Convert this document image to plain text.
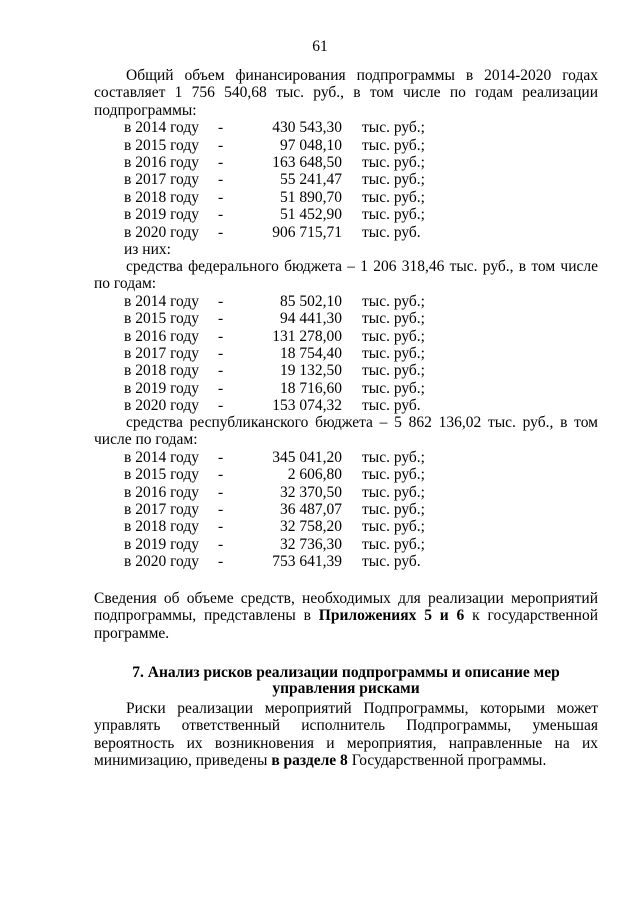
61

Общий объем финансирования подпрограммы в 2014-2020 годах составляет 1 756 540,68 тыс. руб., в том числе по годам реализации подпрограммы:

в 2014 году -	430 543,30 тыс. руб.;
в 2015 году -	97 048,10 тыс. руб.;
в 2016 году -	163 648,50 тыс. руб.;
в 2017 году -	55 241,47 тыс. руб.;
в 2018 году -	51 890,70 тыс. руб.;
в 2019 году -	51 452,90 тыс. руб.;
в 2020 году -	906 715,71 тыс. руб.
из них:

средства федерального бюджета – 1 206 318,46 тыс. руб., в том числе по годам:

в 2014 году -	85 502,10 тыс. руб.;
в 2015 году -	94 441,30 тыс. руб.;
в 2016 году -	131 278,00 тыс. руб.;
в 2017 году -	18 754,40 тыс. руб.;
в 2018 году -	19 132,50 тыс. руб.;
в 2019 году -	18 716,60 тыс. руб.;
в 2020 году -	153 074,32 тыс. руб.

средства республиканского бюджета – 5 862 136,02 тыс. руб., в том числе по годам:

в 2014 году -	345 041,20 тыс. руб.;
в 2015 году -	2 606,80 тыс. руб.;
в 2016 году -	32 370,50 тыс. руб.;
в 2017 году -	36 487,07 тыс. руб.;
в 2018 году -	32 758,20 тыс. руб.;
в 2019 году -	32 736,30 тыс. руб.;
в 2020 году -	753 641,39 тыс. руб.

Сведения об объеме средств, необходимых для реализации мероприятий подпрограммы, представлены в Приложениях 5 и 6 к государственной программе.

7. Анализ рисков реализации подпрограммы и описание мер

управления рисками

Риски реализации мероприятий Подпрограммы, которыми может управлять ответственный исполнитель Подпрограммы, уменьшая вероятность их возникновения и мероприятия, направленные на их минимизацию, приведены в разделе 8 Государственной программы.
